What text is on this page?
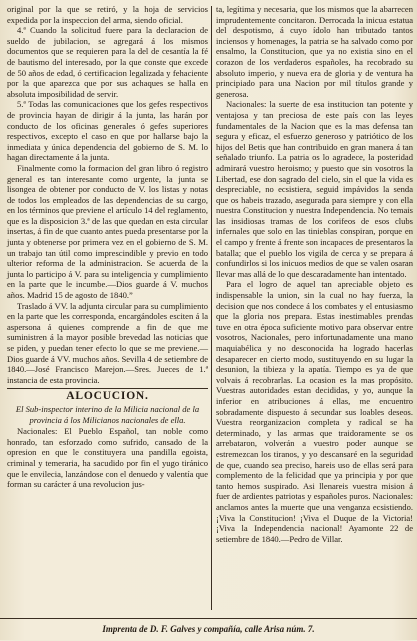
original por la que se retiró, y la hoja de servicios expedida por la inspeccion del arma, siendo oficial.

4.ª Cuando la solicitud fuere para la declaracion de sueldo de jubilacion, se agregará á los mismos documentos que se requieren para la del de cesantía la fé de bautismo del interesado, por la que conste que excede de 50 años de edad, ó certificacion legalizada y fehaciente por la que aparezca que por sus achaques se halla en absoluta imposibilidad de servir.

5.ª Todas las comunicaciones que los gefes respectivos de provincia hayan de dirigir á la junta, las harán por conducto de los oficinas generales ó gefes superiores respectivos, excepto el caso en que por hallarse bajo la inmediata y única dependencia del gobierno de S. M. lo hagan directamente á la junta.

Finalmente como la formacion del gran libro ó registro general es tan interesante como urgente, la junta se lisongea de obtener por conducto de V. los listas y notas de todos los empleados de las dependencias de su cargo, en los términos que previene el artículo 14 del reglamento, que es la disposicion 3.ª de las que quedan en esta circular insertas, á fin de que cuanto antes pueda presentarse por la junta y obtenerse por primera vez en el gobierno de S. M. un trabajo tan útil como imprescindible y previo en todo ulterior reforma de la administracion. Se acuerda de la junta lo participo á V. para su inteligencia y cumplimiento en la parte que le incumbe.—Dios guarde á V. muchos años. Madrid 15 de agosto de 1840.”

Traslado á VV. la adjunta circular para su cumplimiento en la parte que les corresponda, encargándoles esciten á la aspersona á quienes comprende a fin de que me suministren á la mayor posible brevedad las noticias que se piden, y puedan tener efecto lo que se me previene.—Dios guarde á VV. muchos años. Sevilla 4 de setiembre de 1840.—José Francisco Marejon.—Sres. Jueces de 1.ª instancia de esta provincia.

ALOCUCION.
El Sub-inspector interino de la Milicia nacional de la provincia á los Milicianos nacionales de ella.

Nacionales: El Pueblo Español, tan noble como honrado, tan esforzado como sufrido, cansado de la opresion en que le constituyera una pandilla egoista, criminal y temeraria, ha sacudido por fin el yugo tiránico que le envilecia, lanzándose con el denuedo y valentía que forman su carácter á una revolucion jus-

ta, legítima y necesaria, que los mismos que la abarrecen imprudentemente concitaron. Derrocada la inicua estatua del despotismo, á cuyo ídolo han tributado tantos inciensos y homenages, la patria se ha salvado como por ensalmo, la Constitucion, que ya no existia sino en el corazon de los verdaderos españoles, ha recobrado su absoluto imperio, y nueva era de gloria y de ventura ha principiado para una Nacion por mil títulos grande y generosa.

Nacionales: la suerte de esa institucion tan potente y ventajosa y tan preciosa de este país con las leyes fundamentales de la Nacion que es la mas defensa tan segura y eficaz, el esfuerzo generoso y patriótico de los hijos del Betis que han contribuido en gran manera á tan señalado triunfo. La patria os lo agradece, la posteridad admirará vuestro heroismo; y puesto que sin vosotros la Libertad, ese don sagrado del cielo, sin el que la vida es despreciable, no ecsistiera, seguid impávidos la senda que os habeis trazado, asegurada para siempre y con ella nuestra Constitucion y nuestra Independencia. No temais las insidiosas tramas de los corifeos de esos clubs infernales que solo en las tinieblas conspiran, porque en el campo y frente á frente son incapaces de presentaros la batalla; que el pueblo los vigila de cerca y se prepara á confundirlos si los inicuos medios de que se valen osaran llevar mas allá de lo que descaradamente han intentado.

Para el logro de aquel tan apreciable objeto es indispensable la union, sin la cual no hay fuerza, la decision que nos condece á los combates y el entusiasmo que la gloria nos prepara. Estas inestimables prendas tuve en otra época suficiente motivo para observar entre vosotros, Nacionales, pero infortunadamente una mano maquiabélica y no desconocida ha logrado hacerlas desaparecer en cierto modo, sustituyendo en su lugar la desunion, la tibieza y la apatía. Tiempo es ya de que volvais á recobrarlas. La ocasion es la mas propósito. Vuestras autoridades estan decididas, y yo, aunque la inferior en atribuciones á ellas, me encuentro sobradamente dispuesto á secundar sus loables deseos. Vuestra reorganizacion completa y radical se ha determinado, y las armas que traidoramente se os arrebataron, volverán a vuestro poder aunque se estremezcan los tiranos, y yo descansaré en la seguridad de que, cuando sea preciso, hareis uso de ellas será para complemento de la felicidad que ya principia y por que tanto hemos suspirado. Asi llenareis vuestra mision á fuer de ardientes patriotas y españoles puros. Nacionales: anclamos antes la muerte que una venganza ecsistiendo. ¡Viva la Constitucion! ¡Viva el Duque de la Victoria! ¡Viva la Independencia nacional! Ayamonte 22 de setiembre de 1840.—Pedro de Villar.

Imprenta de D. F. Galves y compañía, calle Arisa núm. 7.
